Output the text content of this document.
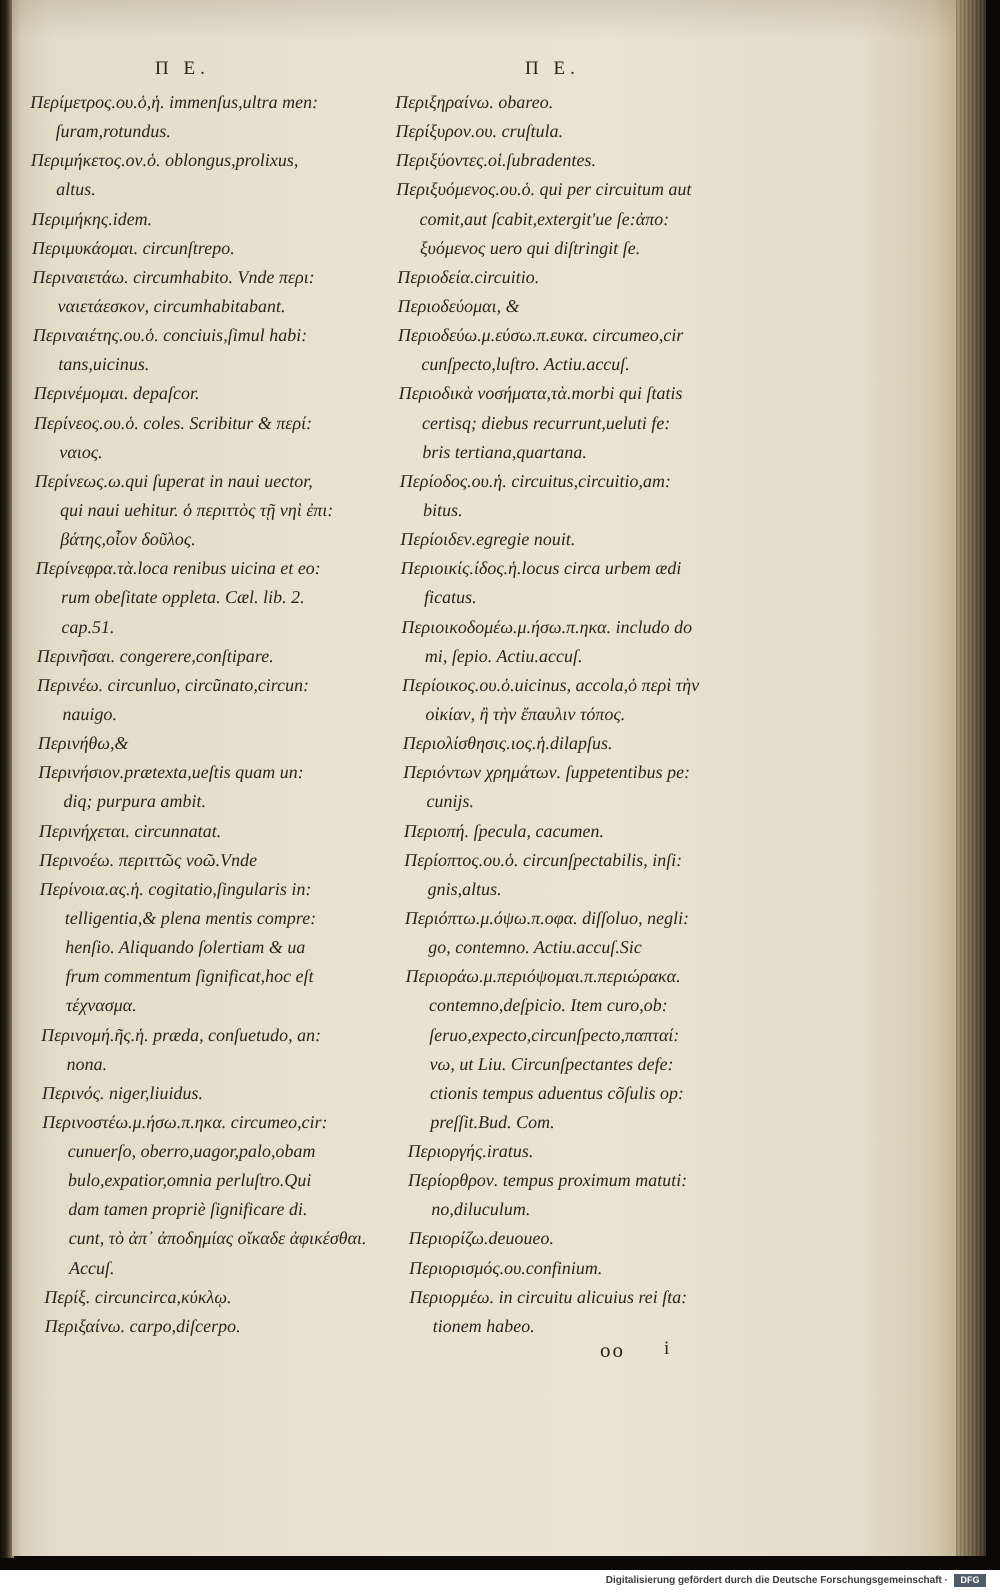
Π Ε.	Π Ε.
Περίμετρος.ου.ὁ,ἡ. immenſus,ultra men:
ſuram,rotundus.
Περιμήκετος.ον.ὁ. oblongus,prolixus,
altus.
Περιμήκης.idem.
Περιμυκάομαι. circunſtrepo.
Περιναιετάω. circumhabito. Vnde περι:
ναιετάεσκον, circumhabitabant.
Περιναιέτης.ου.ὁ. conciuis,ſimul habi:
tans,uicinus.
Περινέμομαι. depaſcor.
Περίνεος.ου.ὁ. coles. Scribitur & περί:
ναιος.
Περίνεως.ω.qui ſuperat in naui uector,
qui naui uehitur. ὁ περιττὸς τῇ νηὶ ἐπι:
βάτης,οἷον δοῦλος.
Περίνεφρα.τὰ.loca renibus uicina et eo:
rum obeſitate oppleta. Cæl. lib. 2.
cap.51.
Περινῆσαι. congerere,conſtipare.
Περινέω. circunluo, circũnato,circun:
nauigo.
Περινήθω,&
Περινήσιον.prætexta,ueſtis quam un:
diq; purpura ambit.
Περινήχεται. circunnatat.
Περινοέω. περιττῶς νοῶ.Vnde
Περίνοια.ας.ἡ. cogitatio,ſingularis in:
telligentia,& plena mentis compre:
henſio. Aliquando ſolertiam & ua
frum commentum ſignificat,hoc eſt
τέχνασμα.
Περινομή.ῆς.ἡ. præda, conſuetudo, an:
nona.
Περινός. niger,liuidus.
Περινοστέω.μ.ήσω.π.ηκα. circumeo,cir:
cunuerſo, oberro,uagor,palo,obam
bulo,expatior,omnia perluſtro.Qui
dam tamen propriè ſignificare di.
cunt, τὸ ἀπ᾽ ἀποδημίας οἴκαδε ἀφικέσθαι.
Accuſ.
Περίξ. circuncirca,κύκλῳ.
Περιξαίνω. carpo,diſcerpo.
Περιξηραίνω. obareo.
Περίξυρον.ου. cruſtula.
Περιξύοντες.οἱ.ſubradentes.
Περιξυόμενος.ου.ὁ. qui per circuitum aut
comit,aut ſcabit,extergit'ue ſe:ἀπο:
ξυόμενος uero qui diſtringit ſe.
Περιοδεία.circuitio.
Περιοδεύομαι, &
Περιοδεύω.μ.εύσω.π.ευκα. circumeo,cir
cunſpecto,luſtro. Actiu.accuſ.
Περιοδικὰ νοσήματα,τὰ.morbi qui ſtatis
certisq; diebus recurrunt,ueluti fe:
bris tertiana,quartana.
Περίοδος.ου.ἡ. circuitus,circuitio,am:
bitus.
Περίοιδεν.egregie nouit.
Περιοικίς.ίδος.ἡ.locus circa urbem ædi
ficatus.
Περιοικοδομέω.μ.ήσω.π.ηκα. includo do
mi, ſepio. Actiu.accuſ.
Περίοικος.ου.ὁ.uicinus, accola,ὁ περὶ τὴν
οἰκίαν, ἢ τὴν ἔπαυλιν τόπος.
Περιολίσθησις.ιος.ἡ.dilapſus.
Περιόντων χρημάτων. ſuppetentibus pe:
cunijs.
Περιοπή. ſpecula, cacumen.
Περίοπτος.ου.ὁ. circunſpectabilis, inſi:
gnis,altus.
Περιόπτω.μ.όψω.π.οφα. diſſoluo, negli:
go, contemno. Actiu.accuſ.Sic
Περιοράω.μ.περιόψομαι.π.περιώρακα.
contemno,deſpicio. Item curo,ob:
ſeruo,expecto,circunſpecto,παπταί:
νω, ut Liu. Circunſpectantes defe:
ctionis tempus aduentus cõſulis op:
preſſit.Bud. Com.
Περιοργής.iratus.
Περίορθρον. tempus proximum matuti:
no,diluculum.
Περιορίζω.deuoueo.
Περιορισμός.ου.confinium.
Περιορμέω. in circuitu alicuius rei ſta:
tionem habeo.
oo i
Digitalisierung gefördert durch die Deutsche Forschungsgemeinschaft ·	DFG
